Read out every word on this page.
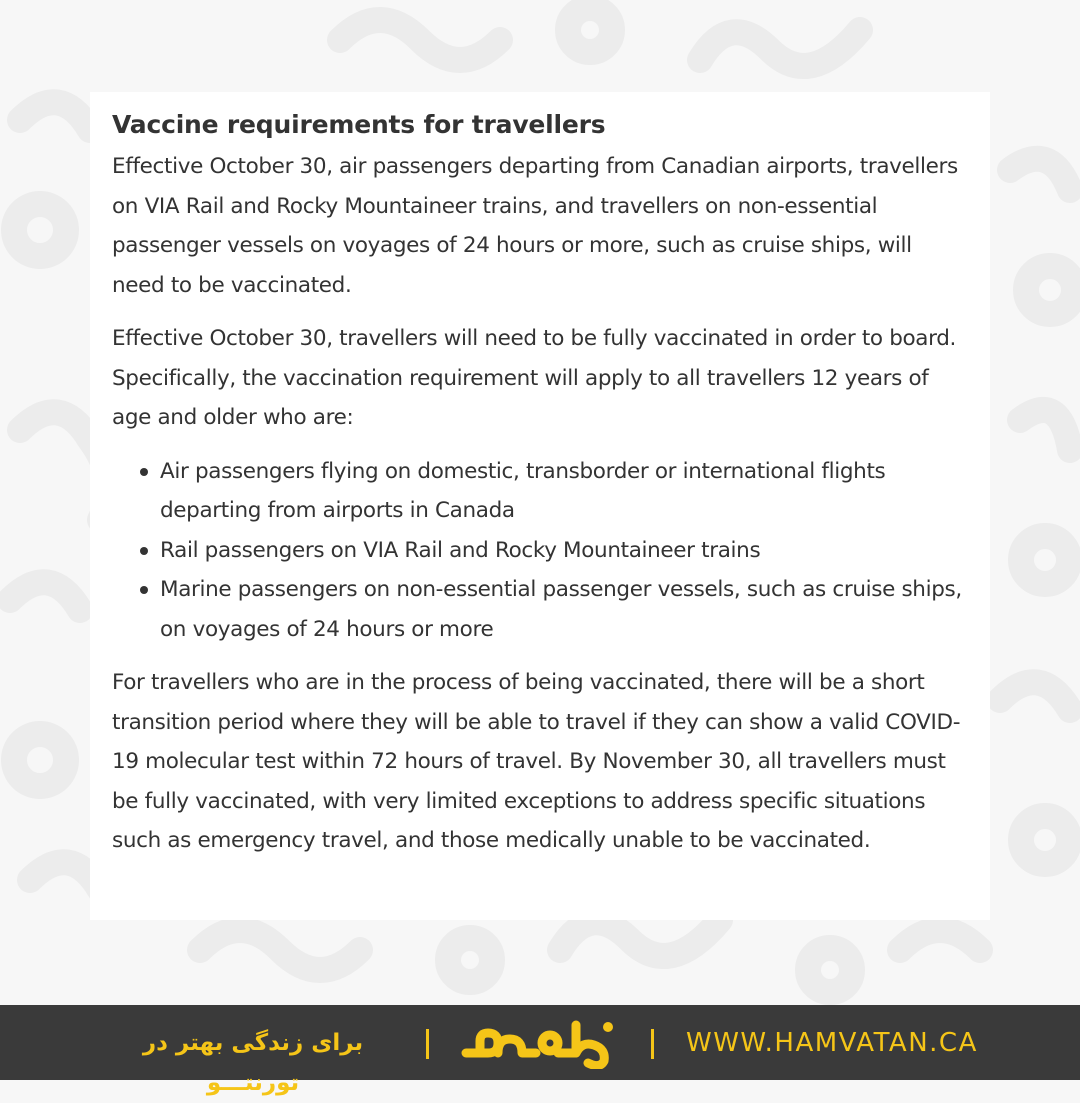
Vaccine requirements for travellers

Effective October 30, air passengers departing from Canadian airports, travellers on VIA Rail and Rocky Mountaineer trains, and travellers on non-essential passenger vessels on voyages of 24 hours or more, such as cruise ships, will need to be vaccinated.

Effective October 30, travellers will need to be fully vaccinated in order to board. Specifically, the vaccination requirement will apply to all travellers 12 years of age and older who are:

Air passengers flying on domestic, transborder or international flights departing from airports in Canada
Rail passengers on VIA Rail and Rocky Mountaineer trains
Marine passengers on non-essential passenger vessels, such as cruise ships, on voyages of 24 hours or more

For travellers who are in the process of being vaccinated, there will be a short transition period where they will be able to travel if they can show a valid COVID-19 molecular test within 72 hours of travel. By November 30, all travellers must be fully vaccinated, with very limited exceptions to address specific situations such as emergency travel, and those medically unable to be vaccinated.

برای زندگی بهتر در تورنتـــو
WWW.HAMVATAN.CA
